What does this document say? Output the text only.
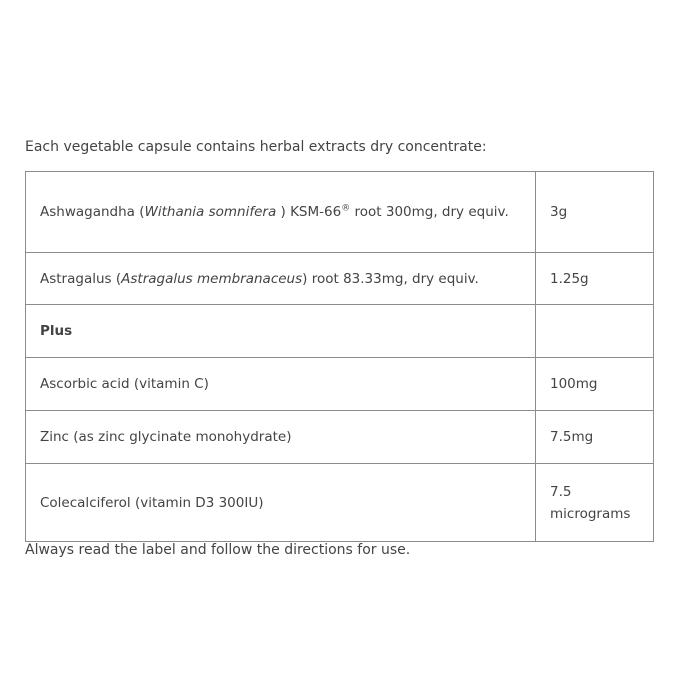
Each vegetable capsule contains herbal extracts dry concentrate:

Ashwagandha (Withania somnifera ) KSM-66® root 300mg, dry equiv.	3g
Astragalus (Astragalus membranaceus) root 83.33mg, dry equiv.	1.25g
Plus	
Ascorbic acid (vitamin C)	100mg
Zinc (as zinc glycinate monohydrate)	7.5mg
Colecalciferol (vitamin D3 300IU)	7.5 micrograms

Always read the label and follow the directions for use.
